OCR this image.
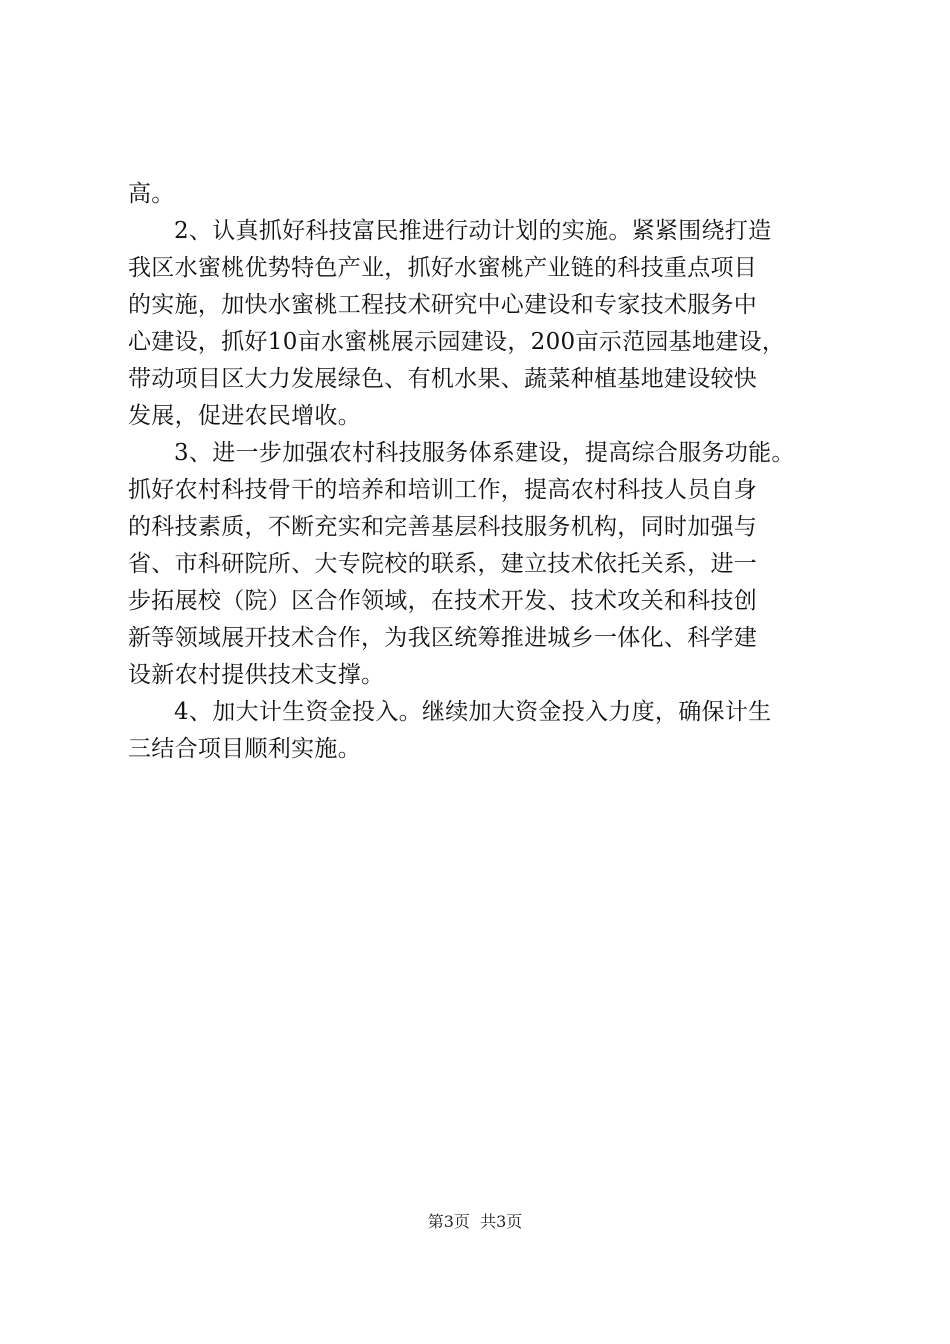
高。
2、认真抓好科技富民推进行动计划的实施。紧紧围绕打造
我区水蜜桃优势特色产业，抓好水蜜桃产业链的科技重点项目
的实施，加快水蜜桃工程技术研究中心建设和专家技术服务中
心建设，抓好10亩水蜜桃展示园建设，200亩示范园基地建设，
带动项目区大力发展绿色、有机水果、蔬菜种植基地建设较快
发展，促进农民增收。
3、进一步加强农村科技服务体系建设，提高综合服务功能。
抓好农村科技骨干的培养和培训工作，提高农村科技人员自身
的科技素质，不断充实和完善基层科技服务机构，同时加强与
省、市科研院所、大专院校的联系，建立技术依托关系，进一
步拓展校（院）区合作领域，在技术开发、技术攻关和科技创
新等领域展开技术合作，为我区统筹推进城乡一体化、科学建
设新农村提供技术支撑。
4、加大计生资金投入。继续加大资金投入力度，确保计生
三结合项目顺利实施。
第3页  共3页
